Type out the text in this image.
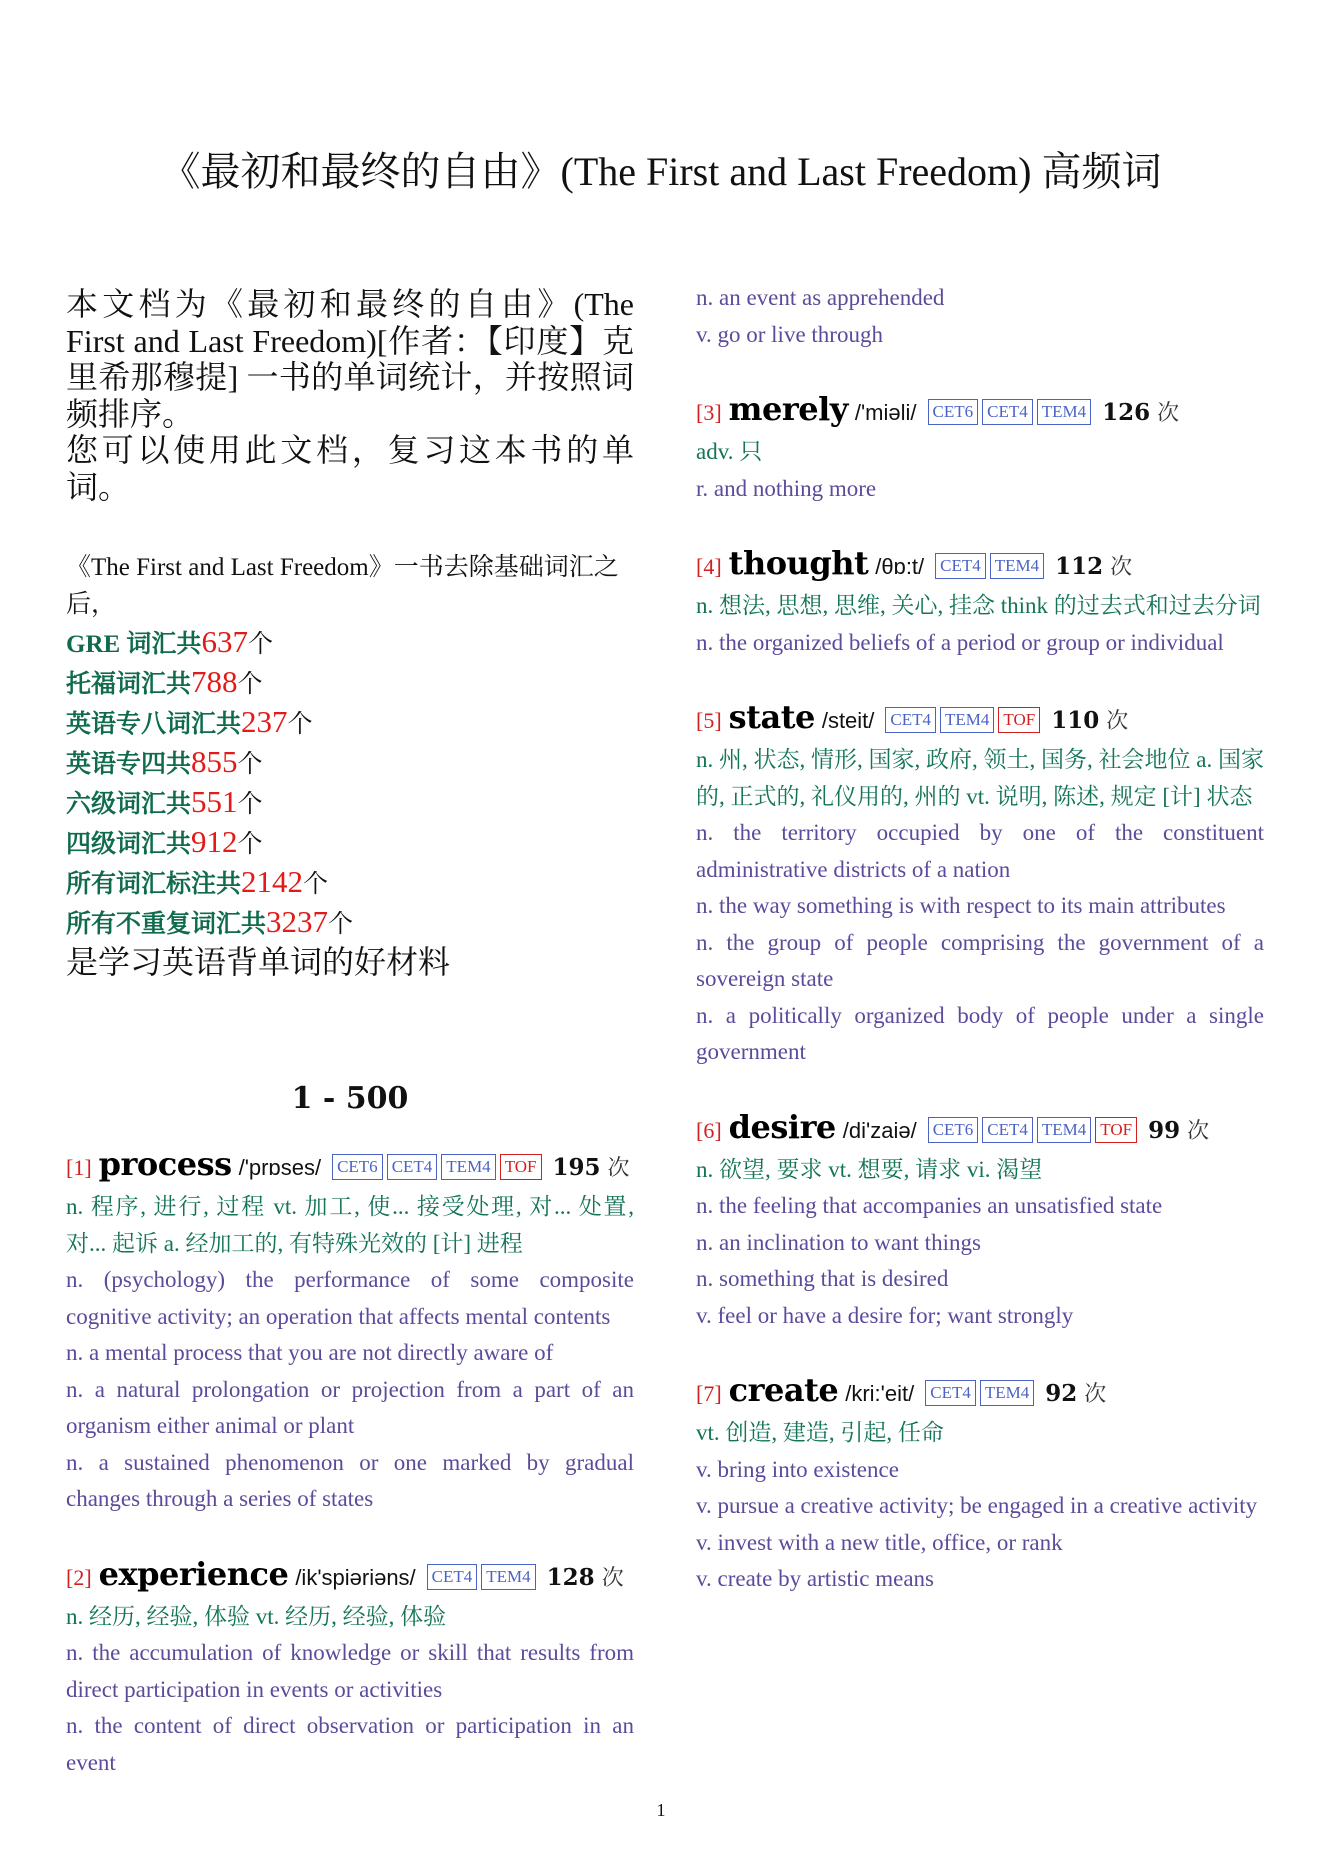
《最初和最终的自由》(The First and Last Freedom) 高频词

本文档为《最初和最终的自由》(The First and Last Freedom)[作者：【印度】克里希那穆提] 一书的单词统计，并按照词频排序。

您可以使用此文档，复习这本书的单词。

《The First and Last Freedom》一书去除基础词汇之后，
GRE 词汇共637个
托福词汇共788个
英语专八词汇共237个
英语专四共855个
六级词汇共551个
四级词汇共912个
所有词汇标注共2142个
所有不重复词汇共3237个
是学习英语背单词的好材料
1 - 500
[1] process /'prɒses/ CET6 CET4 TEM4 TOF 195 次
n. 程序, 进行, 过程 vt. 加工, 使... 接受处理, 对... 处置, 对... 起诉 a. 经加工的, 有特殊光效的 [计] 进程
n. (psychology) the performance of some composite cognitive activity; an operation that affects mental contents
n. a mental process that you are not directly aware of
n. a natural prolongation or projection from a part of an organism either animal or plant
n. a sustained phenomenon or one marked by gradual changes through a series of states
[2] experience /ik'spiəriəns/ CET4 TEM4 128 次
n. 经历, 经验, 体验 vt. 经历, 经验, 体验
n. the accumulation of knowledge or skill that results from direct participation in events or activities
n. the content of direct observation or participation in an event
n. an event as apprehended
v. go or live through
[3] merely /'miəli/ CET6 CET4 TEM4 126 次
adv. 只
r. and nothing more
[4] thought /θɒ:t/ CET4 TEM4 112 次
n. 想法, 思想, 思维, 关心, 挂念 think 的过去式和过去分词
n. the organized beliefs of a period or group or individual
[5] state /steit/ CET4 TEM4 TOF 110 次
n. 州, 状态, 情形, 国家, 政府, 领土, 国务, 社会地位 a. 国家的, 正式的, 礼仪用的, 州的 vt. 说明, 陈述, 规定 [计] 状态
n. the territory occupied by one of the constituent administrative districts of a nation
n. the way something is with respect to its main attributes
n. the group of people comprising the government of a sovereign state
n. a politically organized body of people under a single government
[6] desire /di'zaiə/ CET6 CET4 TEM4 TOF 99 次
n. 欲望, 要求 vt. 想要, 请求 vi. 渴望
n. the feeling that accompanies an unsatisfied state
n. an inclination to want things
n. something that is desired
v. feel or have a desire for; want strongly
[7] create /kri:'eit/ CET4 TEM4 92 次
vt. 创造, 建造, 引起, 任命
v. bring into existence
v. pursue a creative activity; be engaged in a creative activity
v. invest with a new title, office, or rank
v. create by artistic means
1
